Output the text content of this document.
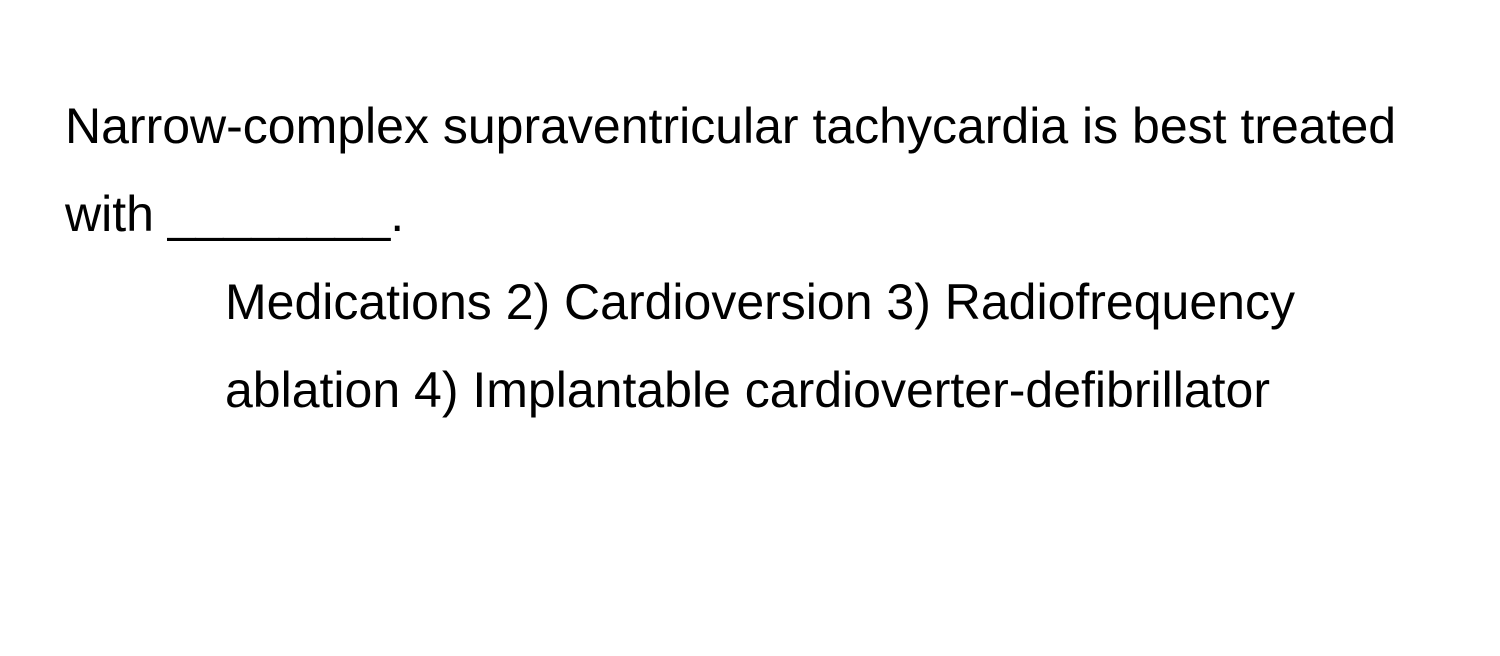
Narrow-complex supraventricular tachycardia is best treated with ________.

Medications 2) Cardioversion 3) Radiofrequency ablation 4) Implantable cardioverter-defibrillator
